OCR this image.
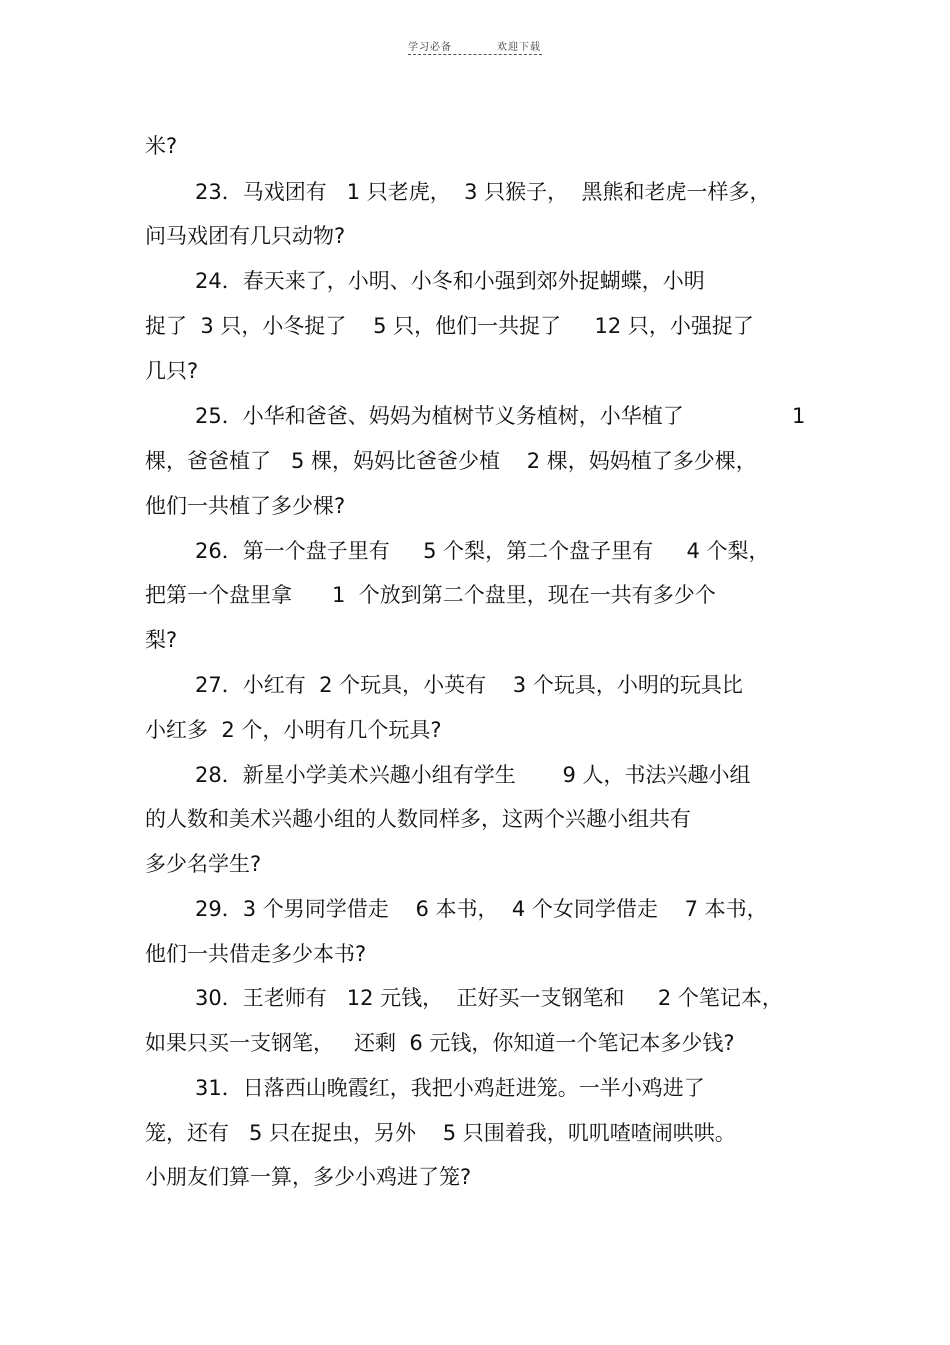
学习必备	欢迎下载
米?
23．马戏团有   1 只老虎，  3 只猴子，  黑熊和老虎一样多，
问马戏团有几只动物?
24．春天来了，小明、小冬和小强到郊外捉蝴蝶，小明
捉了  3 只，小冬捉了    5 只，他们一共捉了     12 只，小强捉了
几只?
25．小华和爸爸、妈妈为植树节义务植树，小华植了	1
棵，爸爸植了   5 棵，妈妈比爸爸少植    2 棵，妈妈植了多少棵，
他们一共植了多少棵?
26．第一个盘子里有     5 个梨，第二个盘子里有     4 个梨，
把第一个盘里拿      1  个放到第二个盘里，现在一共有多少个
梨?
27．小红有  2 个玩具，小英有    3 个玩具，小明的玩具比
小红多  2 个，小明有几个玩具?
28．新星小学美术兴趣小组有学生       9 人，书法兴趣小组
的人数和美术兴趣小组的人数同样多，这两个兴趣小组共有
多少名学生?
29．3 个男同学借走    6 本书，  4 个女同学借走    7 本书，
他们一共借走多少本书?
30．王老师有   12 元钱，  正好买一支钢笔和     2 个笔记本，
如果只买一支钢笔，   还剩  6 元钱，你知道一个笔记本多少钱?
31．日落西山晚霞红，我把小鸡赶进笼。一半小鸡进了
笼，还有   5 只在捉虫，另外    5 只围着我，叽叽喳喳闹哄哄。
小朋友们算一算，多少小鸡进了笼?
